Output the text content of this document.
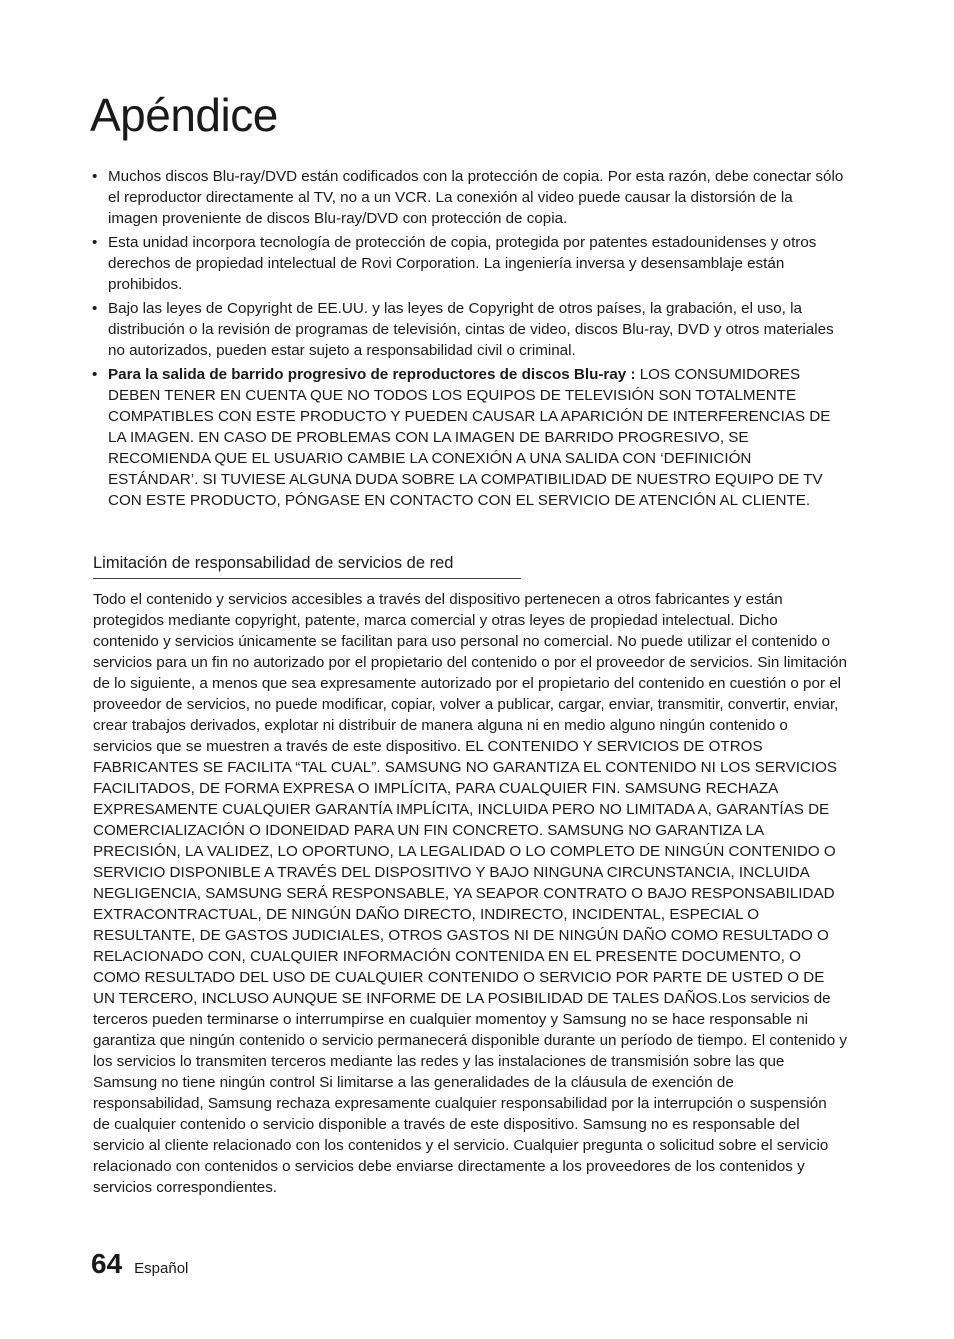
Apéndice
• Muchos discos Blu-ray/DVD están codificados con la protección de copia. Por esta razón, debe conectar sólo el reproductor directamente al TV, no a un VCR. La conexión al video puede causar la distorsión de la imagen proveniente de discos Blu-ray/DVD con protección de copia.
• Esta unidad incorpora tecnología de protección de copia, protegida por patentes estadounidenses y otros derechos de propiedad intelectual de Rovi Corporation. La ingeniería inversa y desensamblaje están prohibidos.
• Bajo las leyes de Copyright de EE.UU. y las leyes de Copyright de otros países, la grabación, el uso, la distribución o la revisión de programas de televisión, cintas de video, discos Blu-ray, DVD y otros materiales no autorizados, pueden estar sujeto a responsabilidad civil o criminal.
• Para la salida de barrido progresivo de reproductores de discos Blu-ray : LOS CONSUMIDORES DEBEN TENER EN CUENTA QUE NO TODOS LOS EQUIPOS DE TELEVISIÓN SON TOTALMENTE COMPATIBLES CON ESTE PRODUCTO Y PUEDEN CAUSAR LA APARICIÓN DE INTERFERENCIAS DE LA IMAGEN. EN CASO DE PROBLEMAS CON LA IMAGEN DE BARRIDO PROGRESIVO, SE RECOMIENDA QUE EL USUARIO CAMBIE LA CONEXIÓN A UNA SALIDA CON ‘DEFINICIÓN ESTÁNDAR’. SI TUVIESE ALGUNA DUDA SOBRE LA COMPATIBILIDAD DE NUESTRO EQUIPO DE TV CON ESTE PRODUCTO, PÓNGASE EN CONTACTO CON EL SERVICIO DE ATENCIÓN AL CLIENTE.
Limitación de responsabilidad de servicios de red

Todo el contenido y servicios accesibles a través del dispositivo pertenecen a otros fabricantes y están protegidos mediante copyright, patente, marca comercial y otras leyes de propiedad intelectual. Dicho contenido y servicios únicamente se facilitan para uso personal no comercial. No puede utilizar el contenido o servicios para un fin no autorizado por el propietario del contenido o por el proveedor de servicios. Sin limitación de lo siguiente, a menos que sea expresamente autorizado por el propietario del contenido en cuestión o por el proveedor de servicios, no puede modificar, copiar, volver a publicar, cargar, enviar, transmitir, convertir, enviar, crear trabajos derivados, explotar ni distribuir de manera alguna ni en medio alguno ningún contenido o servicios que se muestren a través de este dispositivo. EL CONTENIDO Y SERVICIOS DE OTROS FABRICANTES SE FACILITA “TAL CUAL”. SAMSUNG NO GARANTIZA EL CONTENIDO NI LOS SERVICIOS FACILITADOS, DE FORMA EXPRESA O IMPLÍCITA, PARA CUALQUIER FIN. SAMSUNG RECHAZA EXPRESAMENTE CUALQUIER GARANTÍA IMPLÍCITA, INCLUIDA PERO NO LIMITADA A, GARANTÍAS DE COMERCIALIZACIÓN O IDONEIDAD PARA UN FIN CONCRETO. SAMSUNG NO GARANTIZA LA PRECISIÓN, LA VALIDEZ, LO OPORTUNO, LA LEGALIDAD O LO COMPLETO DE NINGÚN CONTENIDO O SERVICIO DISPONIBLE A TRAVÉS DEL DISPOSITIVO Y BAJO NINGUNA CIRCUNSTANCIA, INCLUIDA NEGLIGENCIA, SAMSUNG SERÁ RESPONSABLE, YA SEAPOR CONTRATO O BAJO RESPONSABILIDAD EXTRACONTRACTUAL, DE NINGÚN DAÑO DIRECTO, INDIRECTO, INCIDENTAL, ESPECIAL O RESULTANTE, DE GASTOS JUDICIALES, OTROS GASTOS NI DE NINGÚN DAÑO COMO RESULTADO O RELACIONADO CON, CUALQUIER INFORMACIÓN CONTENIDA EN EL PRESENTE DOCUMENTO, O COMO RESULTADO DEL USO DE CUALQUIER CONTENIDO O SERVICIO POR PARTE DE USTED O DE UN TERCERO, INCLUSO AUNQUE SE INFORME DE LA POSIBILIDAD DE TALES DAÑOS.Los servicios de terceros pueden terminarse o interrumpirse en cualquier momentoy y Samsung no se hace responsable ni garantiza que ningún contenido o servicio permanecerá disponible durante un período de tiempo. El contenido y los servicios lo transmiten terceros mediante las redes y las instalaciones de transmisión sobre las que Samsung no tiene ningún control Si limitarse a las generalidades de la cláusula de exención de responsabilidad, Samsung rechaza expresamente cualquier responsabilidad por la interrupción o suspensión de cualquier contenido o servicio disponible a través de este dispositivo. Samsung no es responsable del servicio al cliente relacionado con los contenidos y el servicio. Cualquier pregunta o solicitud sobre el servicio relacionado con contenidos o servicios debe enviarse directamente a los proveedores de los contenidos y servicios correspondientes.

64 Español
